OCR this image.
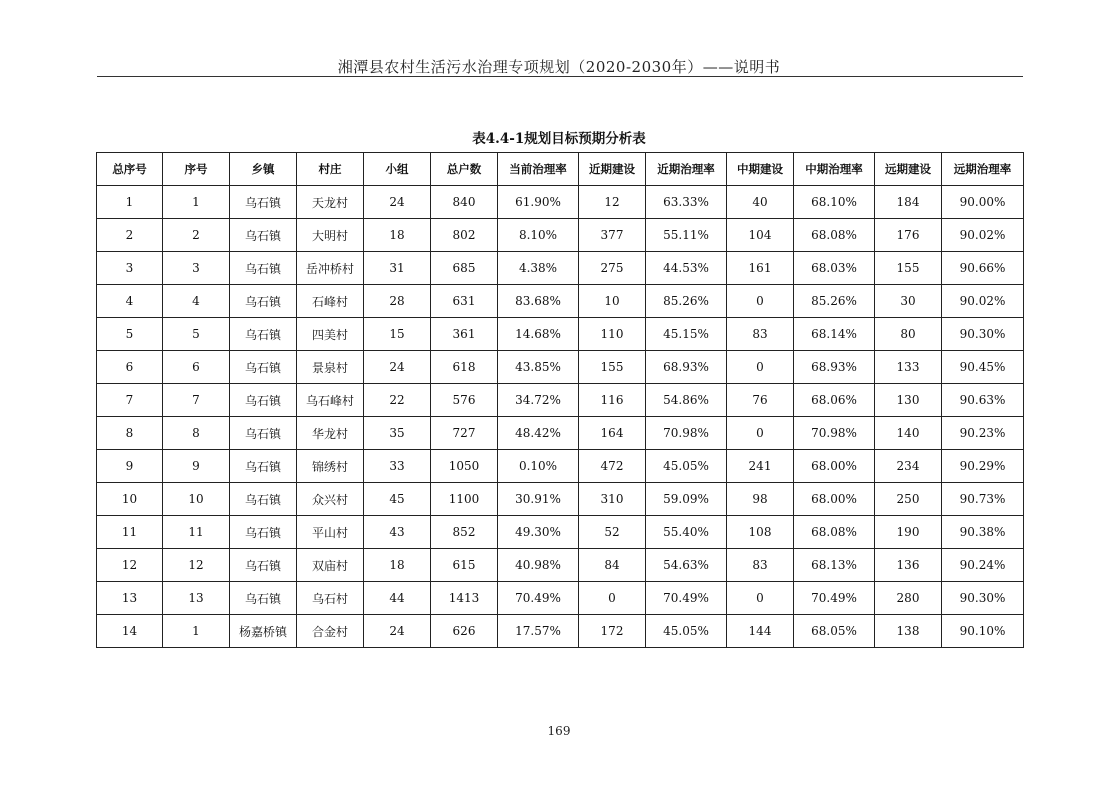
湘潭县农村生活污水治理专项规划（2020-2030年）——说明书
表4.4-1规划目标预期分析表
总序号	序号	乡镇	村庄	小组	总户数	当前治理率	近期建设	近期治理率	中期建设	中期治理率	远期建设	远期治理率
1	1	乌石镇	天龙村	24	840	61.90%	12	63.33%	40	68.10%	184	90.00%
2	2	乌石镇	大明村	18	802	8.10%	377	55.11%	104	68.08%	176	90.02%
3	3	乌石镇	岳冲桥村	31	685	4.38%	275	44.53%	161	68.03%	155	90.66%
4	4	乌石镇	石峰村	28	631	83.68%	10	85.26%	0	85.26%	30	90.02%
5	5	乌石镇	四美村	15	361	14.68%	110	45.15%	83	68.14%	80	90.30%
6	6	乌石镇	景泉村	24	618	43.85%	155	68.93%	0	68.93%	133	90.45%
7	7	乌石镇	乌石峰村	22	576	34.72%	116	54.86%	76	68.06%	130	90.63%
8	8	乌石镇	华龙村	35	727	48.42%	164	70.98%	0	70.98%	140	90.23%
9	9	乌石镇	锦绣村	33	1050	0.10%	472	45.05%	241	68.00%	234	90.29%
10	10	乌石镇	众兴村	45	1100	30.91%	310	59.09%	98	68.00%	250	90.73%
11	11	乌石镇	平山村	43	852	49.30%	52	55.40%	108	68.08%	190	90.38%
12	12	乌石镇	双庙村	18	615	40.98%	84	54.63%	83	68.13%	136	90.24%
13	13	乌石镇	乌石村	44	1413	70.49%	0	70.49%	0	70.49%	280	90.30%
14	1	杨嘉桥镇	合金村	24	626	17.57%	172	45.05%	144	68.05%	138	90.10%
169
